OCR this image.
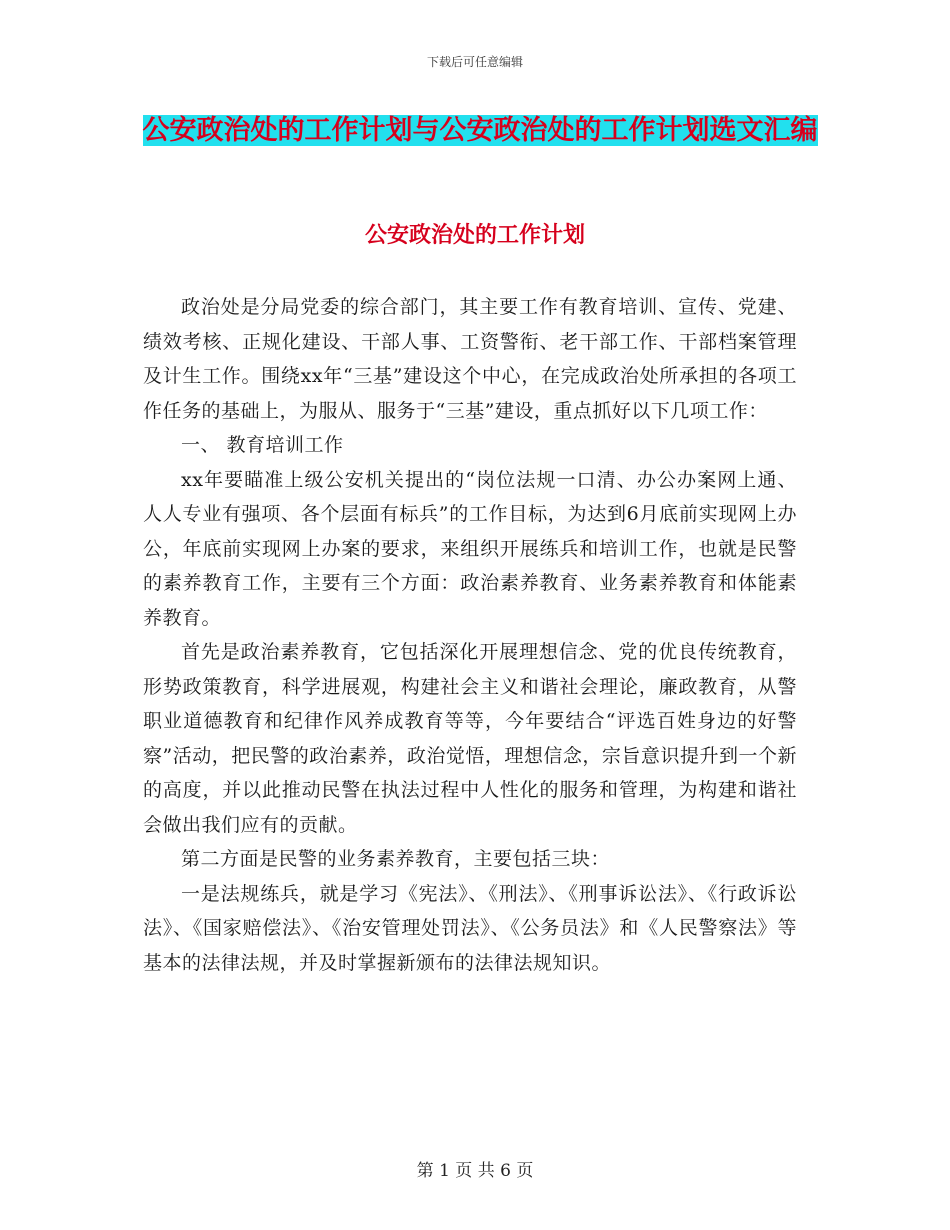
下载后可任意编辑
公安政治处的工作计划与公安政治处的工作计划选文汇编
公安政治处的工作计划

政治处是分局党委的综合部门，其主要工作有教育培训、宣传、党建、绩效考核、正规化建设、干部人事、工资警衔、老干部工作、干部档案管理及计生工作。围绕xx年“三基”建设这个中心，在完成政治处所承担的各项工作任务的基础上，为服从、服务于“三基”建设，重点抓好以下几项工作：

一、 教育培训工作

xx年要瞄准上级公安机关提出的“岗位法规一口清、办公办案网上通、人人专业有强项、各个层面有标兵”的工作目标，为达到6月底前实现网上办公，年底前实现网上办案的要求，来组织开展练兵和培训工作，也就是民警的素养教育工作，主要有三个方面：政治素养教育、业务素养教育和体能素养教育。

首先是政治素养教育，它包括深化开展理想信念、党的优良传统教育，形势政策教育，科学进展观，构建社会主义和谐社会理论，廉政教育，从警职业道德教育和纪律作风养成教育等等，今年要结合“评选百姓身边的好警察”活动，把民警的政治素养，政治觉悟，理想信念，宗旨意识提升到一个新的高度，并以此推动民警在执法过程中人性化的服务和管理，为构建和谐社会做出我们应有的贡献。

第二方面是民警的业务素养教育，主要包括三块：

一是法规练兵，就是学习《宪法》、《刑法》、《刑事诉讼法》、《行政诉讼法》、《国家赔偿法》、《治安管理处罚法》、《公务员法》和《人民警察法》等基本的法律法规，并及时掌握新颁布的法律法规知识。

第 1 页 共 6 页
